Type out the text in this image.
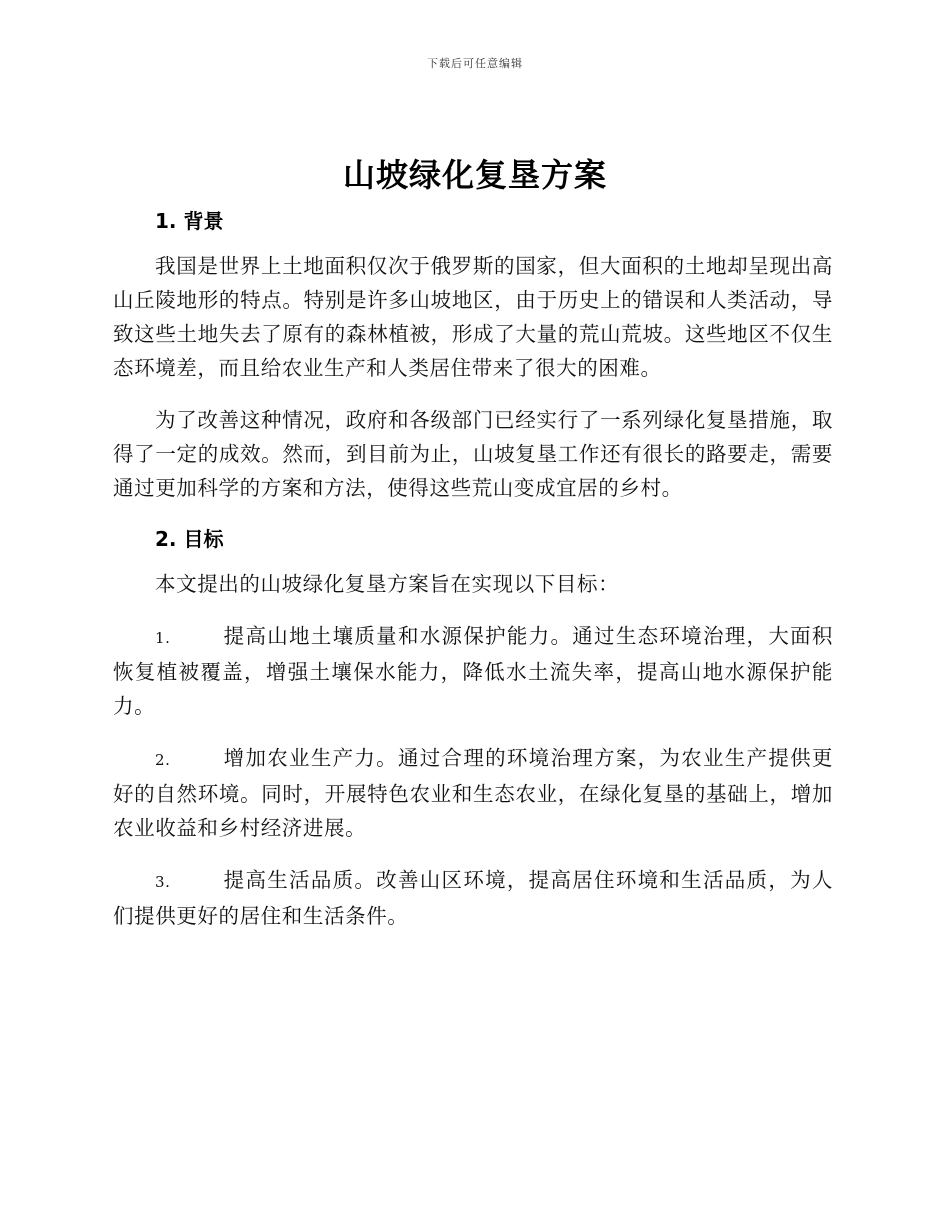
下载后可任意编辑
山坡绿化复垦方案
1. 背景

我国是世界上土地面积仅次于俄罗斯的国家，但大面积的土地却呈现出高山丘陵地形的特点。特别是许多山坡地区，由于历史上的错误和人类活动，导致这些土地失去了原有的森林植被，形成了大量的荒山荒坡。这些地区不仅生态环境差，而且给农业生产和人类居住带来了很大的困难。

为了改善这种情况，政府和各级部门已经实行了一系列绿化复垦措施，取得了一定的成效。然而，到目前为止，山坡复垦工作还有很长的路要走，需要通过更加科学的方案和方法，使得这些荒山变成宜居的乡村。

2. 目标

本文提出的山坡绿化复垦方案旨在实现以下目标：

1.	提高山地土壤质量和水源保护能力。通过生态环境治理，大面积恢复植被覆盖，增强土壤保水能力，降低水土流失率，提高山地水源保护能力。

2.	增加农业生产力。通过合理的环境治理方案，为农业生产提供更好的自然环境。同时，开展特色农业和生态农业，在绿化复垦的基础上，增加农业收益和乡村经济进展。

3.	提高生活品质。改善山区环境，提高居住环境和生活品质，为人们提供更好的居住和生活条件。
